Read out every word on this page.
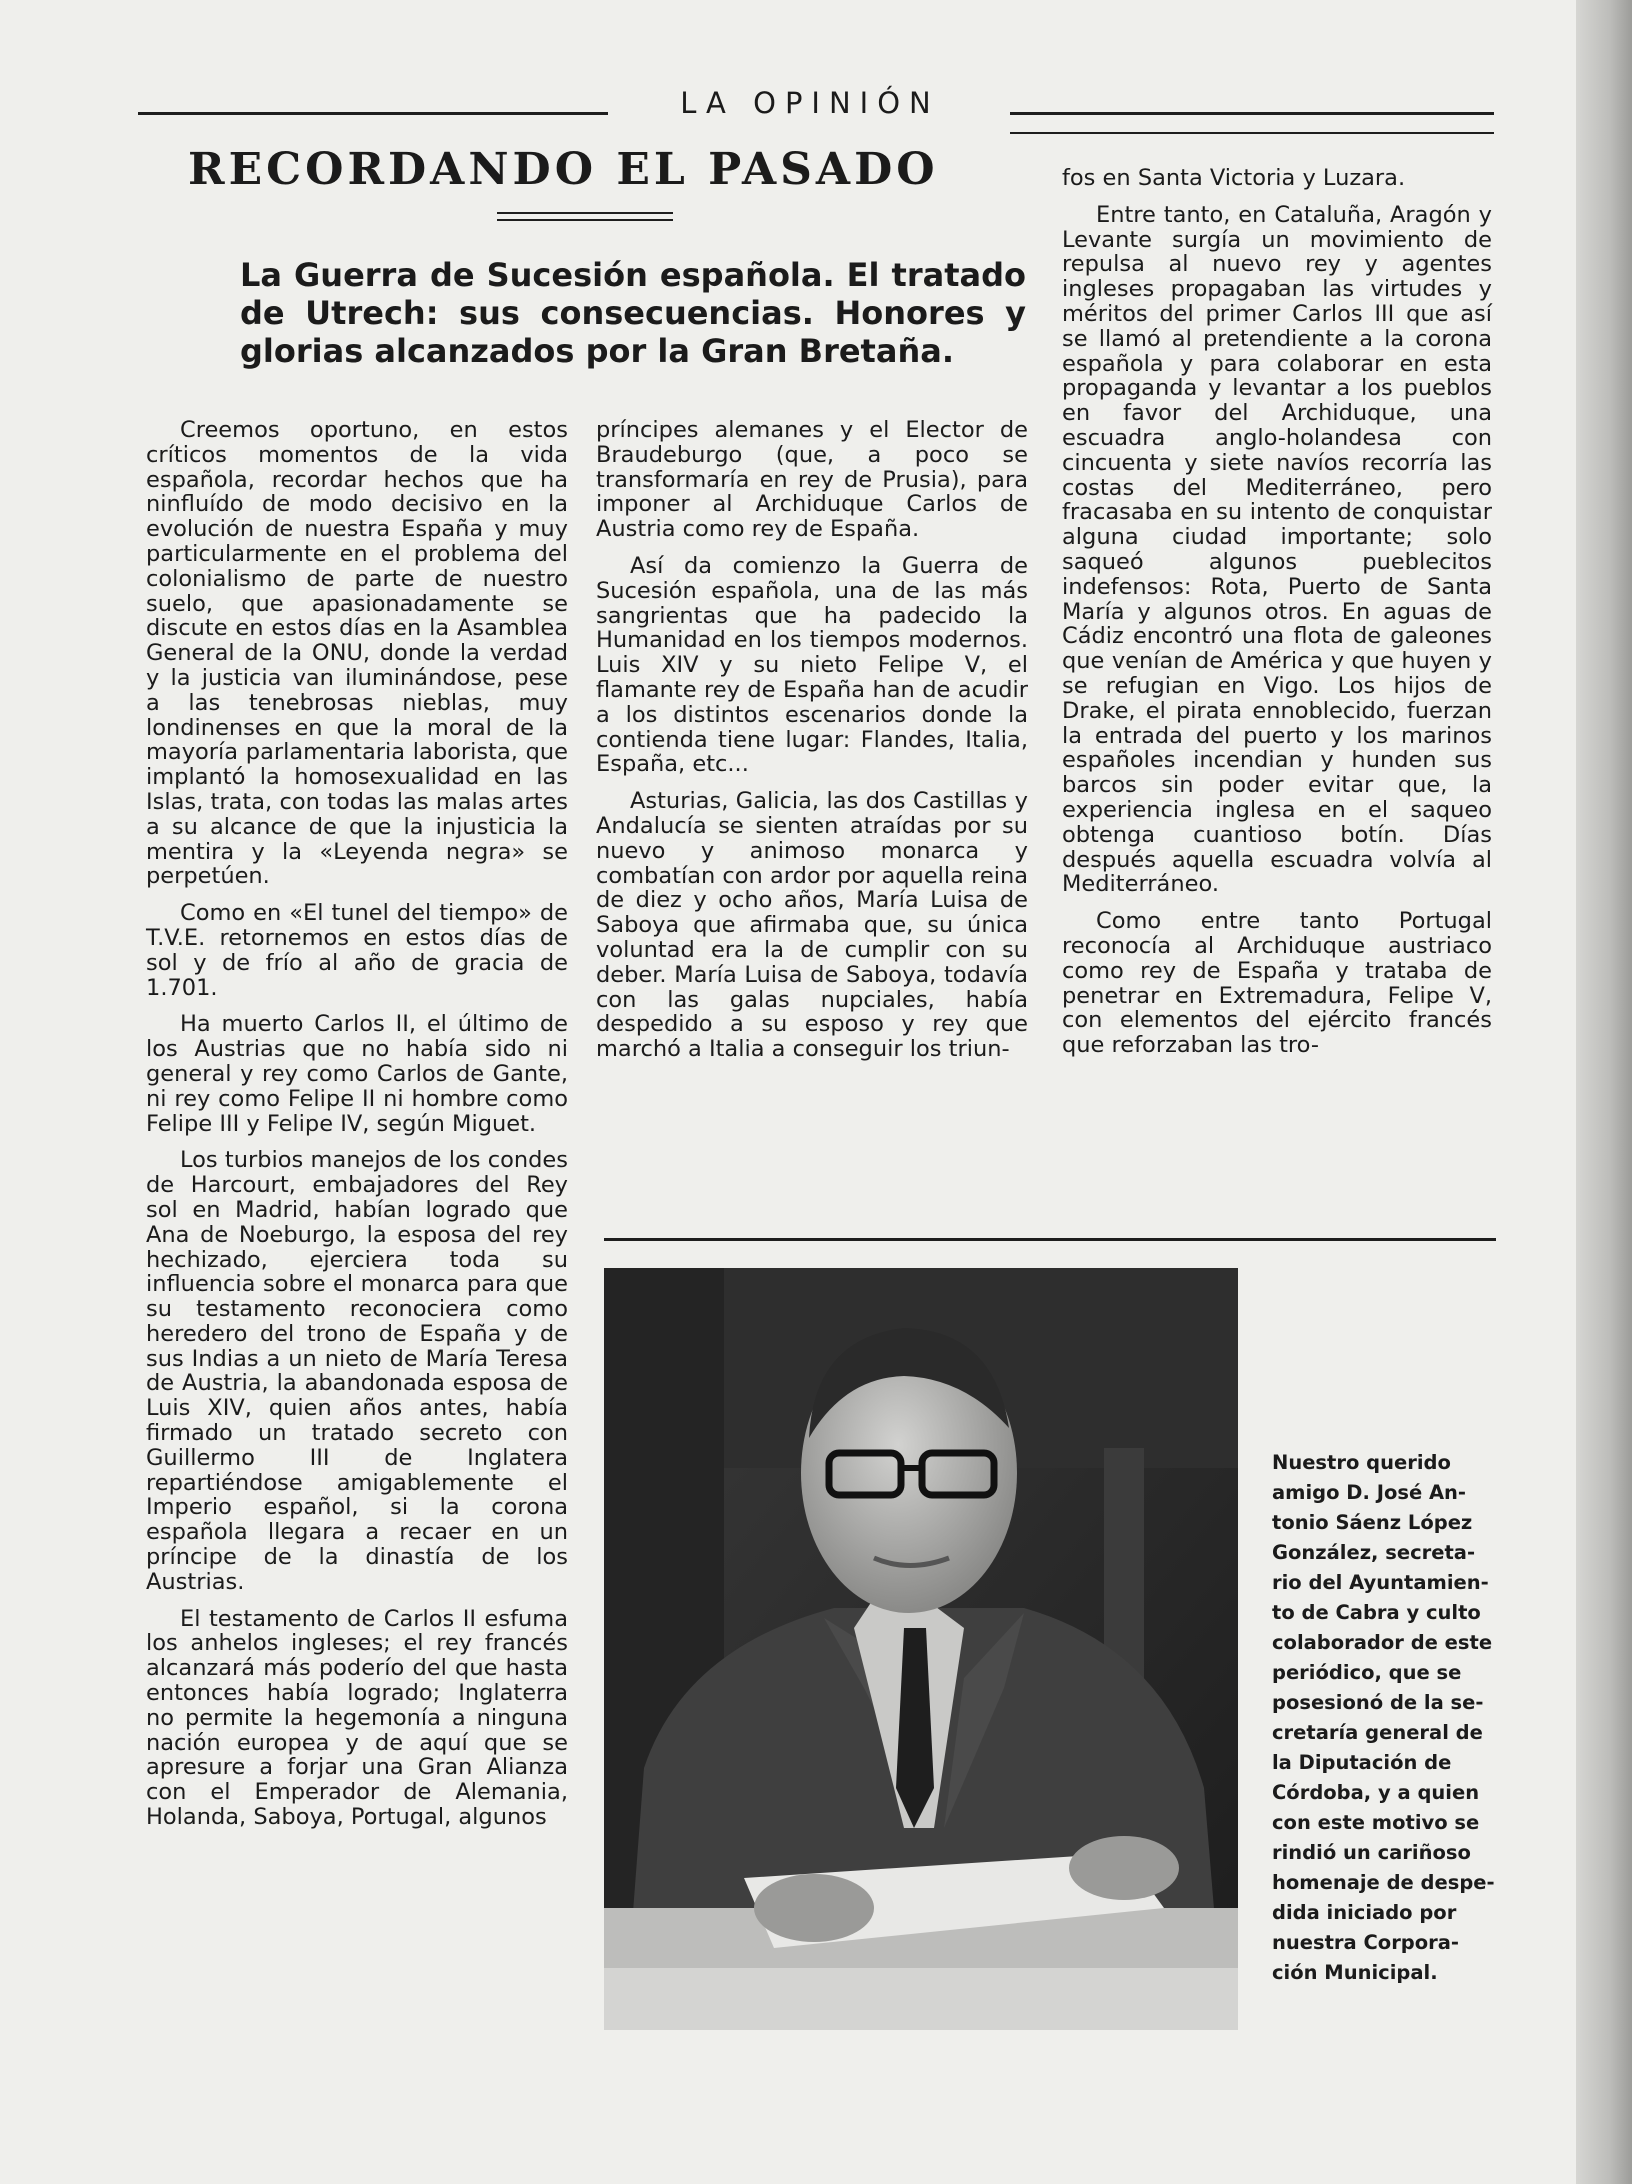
LA OPINIÓN
RECORDANDO EL PASADO
La Guerra de Sucesión española. El tratado de Utrech: sus consecuencias. Honores y glorias alcanzados por la Gran Bretaña.

Creemos oportuno, en estos críticos momentos de la vida española, recordar hechos que ha ninfluído de modo decisivo en la evolución de nuestra España y muy particularmente en el problema del colonialismo de parte de nuestro suelo, que apasionadamente se discute en estos días en la Asamblea General de la ONU, donde la verdad y la justicia van iluminándose, pese a las tenebrosas nieblas, muy londinenses en que la moral de la mayoría parlamentaria laborista, que implantó la homosexualidad en las Islas, trata, con todas las malas artes a su alcance de que la injusticia la mentira y la «Leyenda negra» se perpetúen.

Como en «El tunel del tiempo» de T.V.E. retornemos en estos días de sol y de frío al año de gracia de 1.701.

Ha muerto Carlos II, el último de los Austrias que no había sido ni general y rey como Carlos de Gante, ni rey como Felipe II ni hombre como Felipe III y Felipe IV, según Miguet.

Los turbios manejos de los condes de Harcourt, embajadores del Rey sol en Madrid, habían logrado que Ana de Noeburgo, la esposa del rey hechizado, ejerciera toda su influencia sobre el monarca para que su testamento reconociera como heredero del trono de España y de sus Indias a un nieto de María Teresa de Austria, la abandonada esposa de Luis XIV, quien años antes, había firmado un tratado secreto con Guillermo III de Inglatera repartiéndose amigablemente el Imperio español, si la corona española llegara a recaer en un príncipe de la dinastía de los Austrias.

El testamento de Carlos II esfuma los anhelos ingleses; el rey francés alcanzará más poderío del que hasta entonces había logrado; Inglaterra no permite la hegemonía a ninguna nación europea y de aquí que se apresure a forjar una Gran Alianza con el Emperador de Alemania, Holanda, Saboya, Portugal, algunos

príncipes alemanes y el Elector de Braudeburgo (que, a poco se transformaría en rey de Prusia), para imponer al Archiduque Carlos de Austria como rey de España.

Así da comienzo la Guerra de Sucesión española, una de las más sangrientas que ha padecido la Humanidad en los tiempos modernos. Luis XIV y su nieto Felipe V, el flamante rey de España han de acudir a los distintos escenarios donde la contienda tiene lugar: Flandes, Italia, España, etc...

Asturias, Galicia, las dos Castillas y Andalucía se sienten atraídas por su nuevo y animoso monarca y combatían con ardor por aquella reina de diez y ocho años, María Luisa de Saboya que afirmaba que, su única voluntad era la de cumplir con su deber. María Luisa de Saboya, todavía con las galas nupciales, había despedido a su esposo y rey que marchó a Italia a conseguir los triun-

fos en Santa Victoria y Luzara.

Entre tanto, en Cataluña, Aragón y Levante surgía un movimiento de repulsa al nuevo rey y agentes ingleses propagaban las virtudes y méritos del primer Carlos III que así se llamó al pretendiente a la corona española y para colaborar en esta propaganda y levantar a los pueblos en favor del Archiduque, una escuadra anglo-holandesa con cincuenta y siete navíos recorría las costas del Mediterráneo, pero fracasaba en su intento de conquistar alguna ciudad importante; solo saqueó algunos pueblecitos indefensos: Rota, Puerto de Santa María y algunos otros. En aguas de Cádiz encontró una flota de galeones que venían de América y que huyen y se refugian en Vigo. Los hijos de Drake, el pirata ennoblecido, fuerzan la entrada del puerto y los marinos españoles incendian y hunden sus barcos sin poder evitar que, la experiencia inglesa en el saqueo obtenga cuantioso botín. Días después aquella escuadra volvía al Mediterráneo.

Como entre tanto Portugal reconocía al Archiduque austriaco como rey de España y trataba de penetrar en Extremadura, Felipe V, con elementos del ejército francés que reforzaban las tro-

Nuestro querido
amigo D. José An-
tonio Sáenz López
González, secreta-
rio del Ayuntamien-
to de Cabra y culto
colaborador de este
periódico, que se
posesionó de la se-
cretaría general de
la Diputación de
Córdoba, y a quien
con este motivo se
rindió un cariñoso
homenaje de despe-
dida iniciado por
nuestra Corpora-
ción Municipal.
